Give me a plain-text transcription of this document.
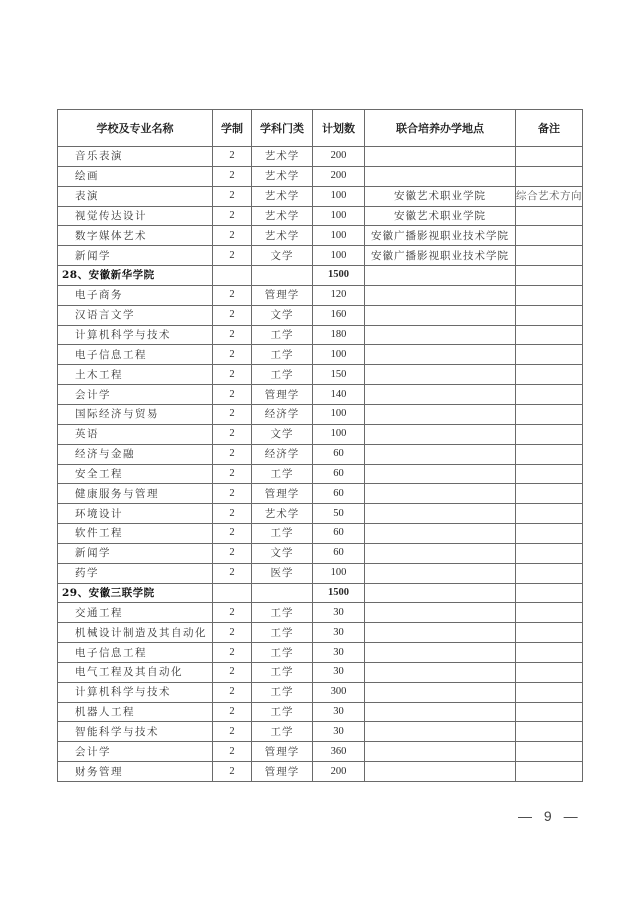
学校及专业名称	学制	学科门类	计划数	联合培养办学地点	备注
音乐表演	2	艺术学	200		
绘画	2	艺术学	200		
表演	2	艺术学	100	安徽艺术职业学院	综合艺术方向
视觉传达设计	2	艺术学	100	安徽艺术职业学院	
数字媒体艺术	2	艺术学	100	安徽广播影视职业技术学院	
新闻学	2	文学	100	安徽广播影视职业技术学院	
28、安徽新华学院			1500		
电子商务	2	管理学	120		
汉语言文学	2	文学	160		
计算机科学与技术	2	工学	180		
电子信息工程	2	工学	100		
土木工程	2	工学	150		
会计学	2	管理学	140		
国际经济与贸易	2	经济学	100		
英语	2	文学	100		
经济与金融	2	经济学	60		
安全工程	2	工学	60		
健康服务与管理	2	管理学	60		
环境设计	2	艺术学	50		
软件工程	2	工学	60		
新闻学	2	文学	60		
药学	2	医学	100		
29、安徽三联学院			1500		
交通工程	2	工学	30		
机械设计制造及其自动化	2	工学	30		
电子信息工程	2	工学	30		
电气工程及其自动化	2	工学	30		
计算机科学与技术	2	工学	300		
机器人工程	2	工学	30		
智能科学与技术	2	工学	30		
会计学	2	管理学	360		
财务管理	2	管理学	200		
— 9 —
